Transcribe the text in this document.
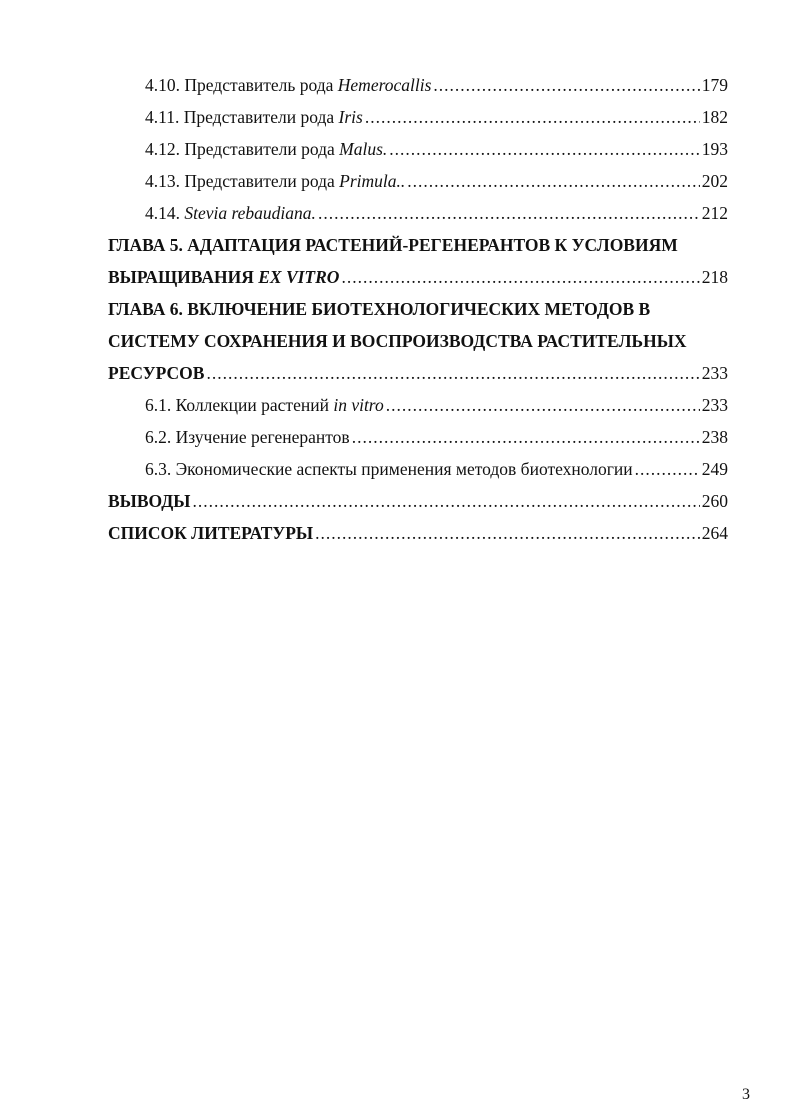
4.10. Представитель рода Hemerocallis .....	179
4.11. Представители рода Iris .....	182
4.12. Представители рода Malus. .....	193
4.13. Представители рода Primula.. .....	202
4.14. Stevia rebaudiana. .....	212
ГЛАВА 5. АДАПТАЦИЯ РАСТЕНИЙ-РЕГЕНЕРАНТОВ К УСЛОВИЯМ
ВЫРАЩИВАНИЯ EX VITRO .....	218
ГЛАВА 6. ВКЛЮЧЕНИЕ БИОТЕХНОЛОГИЧЕСКИХ МЕТОДОВ В
СИСТЕМУ СОХРАНЕНИЯ И ВОСПРОИЗВОДСТВА РАСТИТЕЛЬНЫХ
РЕСУРСОВ .....	233
6.1. Коллекции растений in vitro .....	233
6.2. Изучение регенерантов .....	238
6.3. Экономические аспекты применения методов биотехнологии .....	249
ВЫВОДЫ .....	260
СПИСОК ЛИТЕРАТУРЫ .....	264
3
